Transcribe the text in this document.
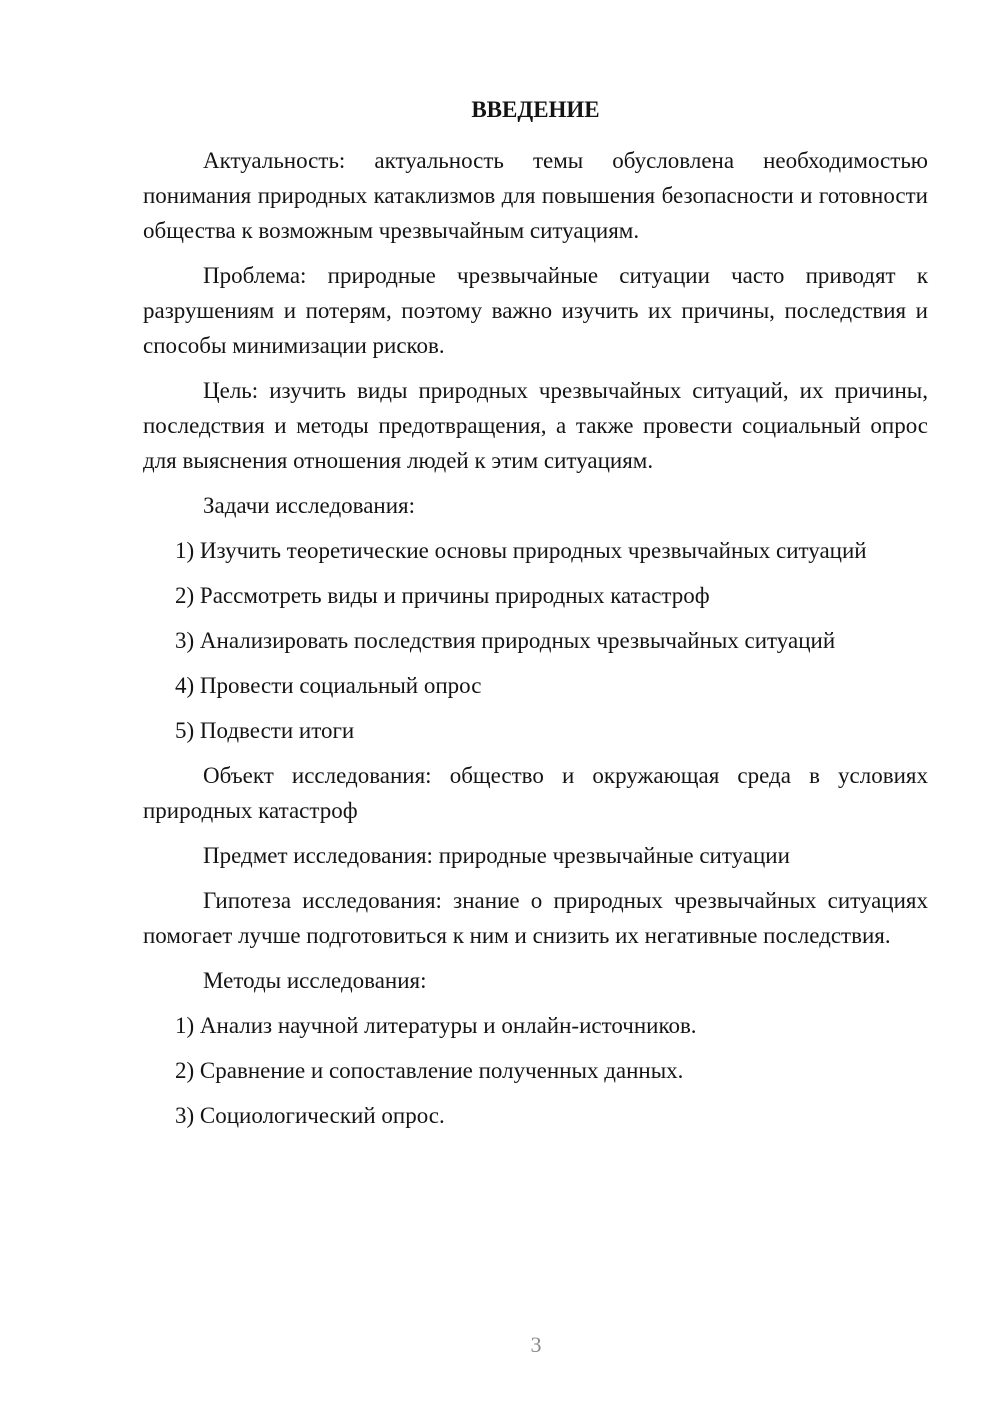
ВВЕДЕНИЕ

Актуальность: актуальность темы обусловлена необходимостью понимания природных катаклизмов для повышения безопасности и готовности общества к возможным чрезвычайным ситуациям.

Проблема: природные чрезвычайные ситуации часто приводят к разрушениям и потерям, поэтому важно изучить их причины, последствия и способы минимизации рисков.

Цель: изучить виды природных чрезвычайных ситуаций, их причины, последствия и методы предотвращения, а также провести социальный опрос для выяснения отношения людей к этим ситуациям.

Задачи исследования:

1) Изучить теоретические основы природных чрезвычайных ситуаций

2) Рассмотреть виды и причины природных катастроф

3) Анализировать последствия природных чрезвычайных ситуаций

4) Провести социальный опрос

5) Подвести итоги

Объект исследования: общество и окружающая среда в условиях природных катастроф

Предмет исследования: природные чрезвычайные ситуации

Гипотеза исследования: знание о природных чрезвычайных ситуациях помогает лучше подготовиться к ним и снизить их негативные последствия.

Методы исследования:

1) Анализ научной литературы и онлайн-источников.

2) Сравнение и сопоставление полученных данных.

3) Социологический опрос.

3
